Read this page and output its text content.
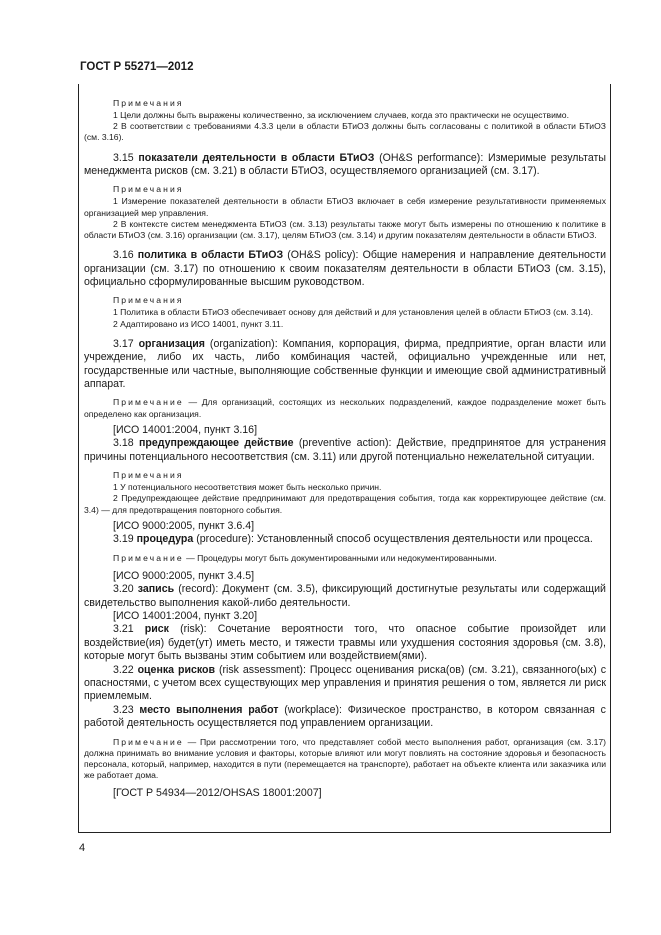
ГОСТ Р 55271—2012
Примечания

1 Цели должны быть выражены количественно, за исключением случаев, когда это практически не осуществимо.

2 В соответствии с требованиями 4.3.3 цели в области БТиОЗ должны быть согласованы с политикой в области БТиОЗ (см. 3.16).

3.15 показатели деятельности в области БТиОЗ (OH&S performance): Измеримые результаты менеджмента рисков (см. 3.21) в области БТиОЗ, осуществляемого организацией (см. 3.17).

Примечания

1 Измерение показателей деятельности в области БТиОЗ включает в себя измерение результативности применяемых организацией мер управления.

2 В контексте систем менеджмента БТиОЗ (см. 3.13) результаты также могут быть измерены по отношению к политике в области БТиОЗ (см. 3.16) организации (см. 3.17), целям БТиОЗ (см. 3.14) и другим показателям деятельности в области БТиОЗ.

3.16 политика в области БТиОЗ (OH&S policy): Общие намерения и направление деятельности организации (см. 3.17) по отношению к своим показателям деятельности в области БТиОЗ (см. 3.15), официально сформулированные высшим руководством.

Примечания

1 Политика в области БТиОЗ обеспечивает основу для действий и для установления целей в области БТиОЗ (см. 3.14).

2 Адаптировано из ИСО 14001, пункт 3.11.

3.17 организация (organization): Компания, корпорация, фирма, предприятие, орган власти или учреждение, либо их часть, либо комбинация частей, официально учрежденные или нет, государственные или частные, выполняющие собственные функции и имеющие свой административный аппарат.

Примечание — Для организаций, состоящих из нескольких подразделений, каждое подразделение может быть определено как организация.

[ИСО 14001:2004, пункт 3.16]

3.18 предупреждающее действие (preventive action): Действие, предпринятое для устранения причины потенциального несоответствия (см. 3.11) или другой потенциально нежелательной ситуации.

Примечания

1 У потенциального несоответствия может быть несколько причин.

2 Предупреждающее действие предпринимают для предотвращения события, тогда как корректирующее действие (см. 3.4) — для предотвращения повторного события.

[ИСО 9000:2005, пункт 3.6.4]

3.19 процедура (procedure): Установленный способ осуществления деятельности или процесса.

Примечание — Процедуры могут быть документированными или недокументированными.

[ИСО 9000:2005, пункт 3.4.5]

3.20 запись (record): Документ (см. 3.5), фиксирующий достигнутые результаты или содержащий свидетельство выполнения какой-либо деятельности.

[ИСО 14001:2004, пункт 3.20]

3.21 риск (risk): Сочетание вероятности того, что опасное событие произойдет или воздействие(ия) будет(ут) иметь место, и тяжести травмы или ухудшения состояния здоровья (см. 3.8), которые могут быть вызваны этим событием или воздействием(ями).

3.22 оценка рисков (risk assessment): Процесс оценивания риска(ов) (см. 3.21), связанного(ых) с опасностями, с учетом всех существующих мер управления и принятия решения о том, является ли риск приемлемым.

3.23 место выполнения работ (workplace): Физическое пространство, в котором связанная с работой деятельность осуществляется под управлением организации.

Примечание — При рассмотрении того, что представляет собой место выполнения работ, организация (см. 3.17) должна принимать во внимание условия и факторы, которые влияют или могут повлиять на состояние здоровья и безопасность персонала, который, например, находится в пути (перемещается на транспорте), работает на объекте клиента или заказчика или же работает дома.

[ГОСТ Р 54934—2012/OHSAS 18001:2007]

4
